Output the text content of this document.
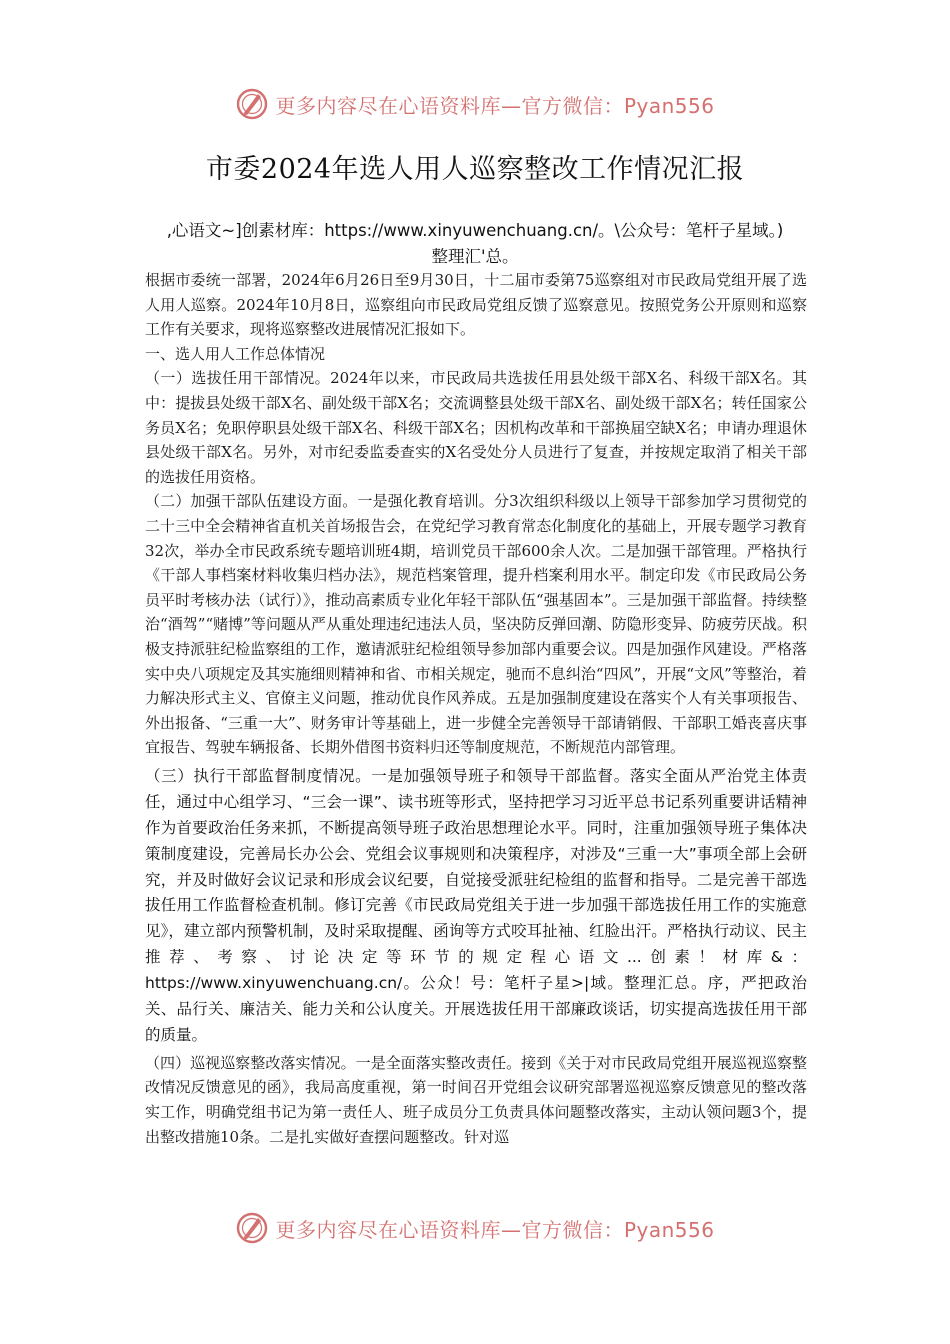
更多内容尽在心语资料库—官方微信：Pyan556
市委2024年选人用人巡察整改工作情况汇报
,心语文~]创素材库：https://www.xinyuwenchuang.cn/。\公众号：笔杆子星域。)
整理汇'总。

根据市委统一部署，2024年6月26日至9月30日，十二届市委第75巡察组对市民政局党组开展了选人用人巡察。2024年10月8日，巡察组向市民政局党组反馈了巡察意见。按照党务公开原则和巡察工作有关要求，现将巡察整改进展情况汇报如下。

一、选人用人工作总体情况

（一）选拔任用干部情况。2024年以来，市民政局共选拔任用县处级干部X名、科级干部X名。其中：提拔县处级干部X名、副处级干部X名；交流调整县处级干部X名、副处级干部X名；转任国家公务员X名；免职停职县处级干部X名、科级干部X名；因机构改革和干部换届空缺X名；申请办理退休县处级干部X名。另外，对市纪委监委查实的X名受处分人员进行了复查，并按规定取消了相关干部的选拔任用资格。

（二）加强干部队伍建设方面。一是强化教育培训。分3次组织科级以上领导干部参加学习贯彻党的二十三中全会精神省直机关首场报告会，在党纪学习教育常态化制度化的基础上，开展专题学习教育32次，举办全市民政系统专题培训班4期，培训党员干部600余人次。二是加强干部管理。严格执行《干部人事档案材料收集归档办法》，规范档案管理，提升档案利用水平。制定印发《市民政局公务员平时考核办法（试行）》，推动高素质专业化年轻干部队伍“强基固本”。三是加强干部监督。持续整治“酒驾”“赌博”等问题从严从重处理违纪违法人员，坚决防反弹回潮、防隐形变异、防疲劳厌战。积极支持派驻纪检监察组的工作，邀请派驻纪检组领导参加部内重要会议。四是加强作风建设。严格落实中央八项规定及其实施细则精神和省、市相关规定，驰而不息纠治“四风”，开展“文风”等整治，着力解决形式主义、官僚主义问题，推动优良作风养成。五是加强制度建设在落实个人有关事项报告、外出报备、“三重一大”、财务审计等基础上，进一步健全完善领导干部请销假、干部职工婚丧喜庆事宜报告、驾驶车辆报备、长期外借图书资料归还等制度规范，不断规范内部管理。

（三）执行干部监督制度情况。一是加强领导班子和领导干部监督。落实全面从严治党主体责任，通过中心组学习、“三会一课”、读书班等形式，坚持把学习习近平总书记系列重要讲话精神作为首要政治任务来抓，不断提高领导班子政治思想理论水平。同时，注重加强领导班子集体决策制度建设，完善局长办公会、党组会议事规则和决策程序，对涉及“三重一大”事项全部上会研究，并及时做好会议记录和形成会议纪要，自觉接受派驻纪检组的监督和指导。二是完善干部选拔任用工作监督检查机制。修订完善《市民政局党组关于进一步加强干部选拔任用工作的实施意见》，建立部内预警机制，及时采取提醒、函询等方式咬耳扯袖、红脸出汗。严格执行动议、民主推荐、考察、讨论决定等环节的规定程心语文...创素！材库&：https://www.xinyuwenchuang.cn/。公众！号：笔杆子星>|域。整理汇总。序，严把政治关、品行关、廉洁关、能力关和公认度关。开展选拔任用干部廉政谈话，切实提高选拔任用干部的质量。

（四）巡视巡察整改落实情况。一是全面落实整改责任。接到《关于对市民政局党组开展巡视巡察整改情况反馈意见的函》，我局高度重视，第一时间召开党组会议研究部署巡视巡察反馈意见的整改落实工作，明确党组书记为第一责任人、班子成员分工负责具体问题整改落实，主动认领问题3个，提出整改措施10条。二是扎实做好查摆问题整改。针对巡

更多内容尽在心语资料库—官方微信：Pyan556
